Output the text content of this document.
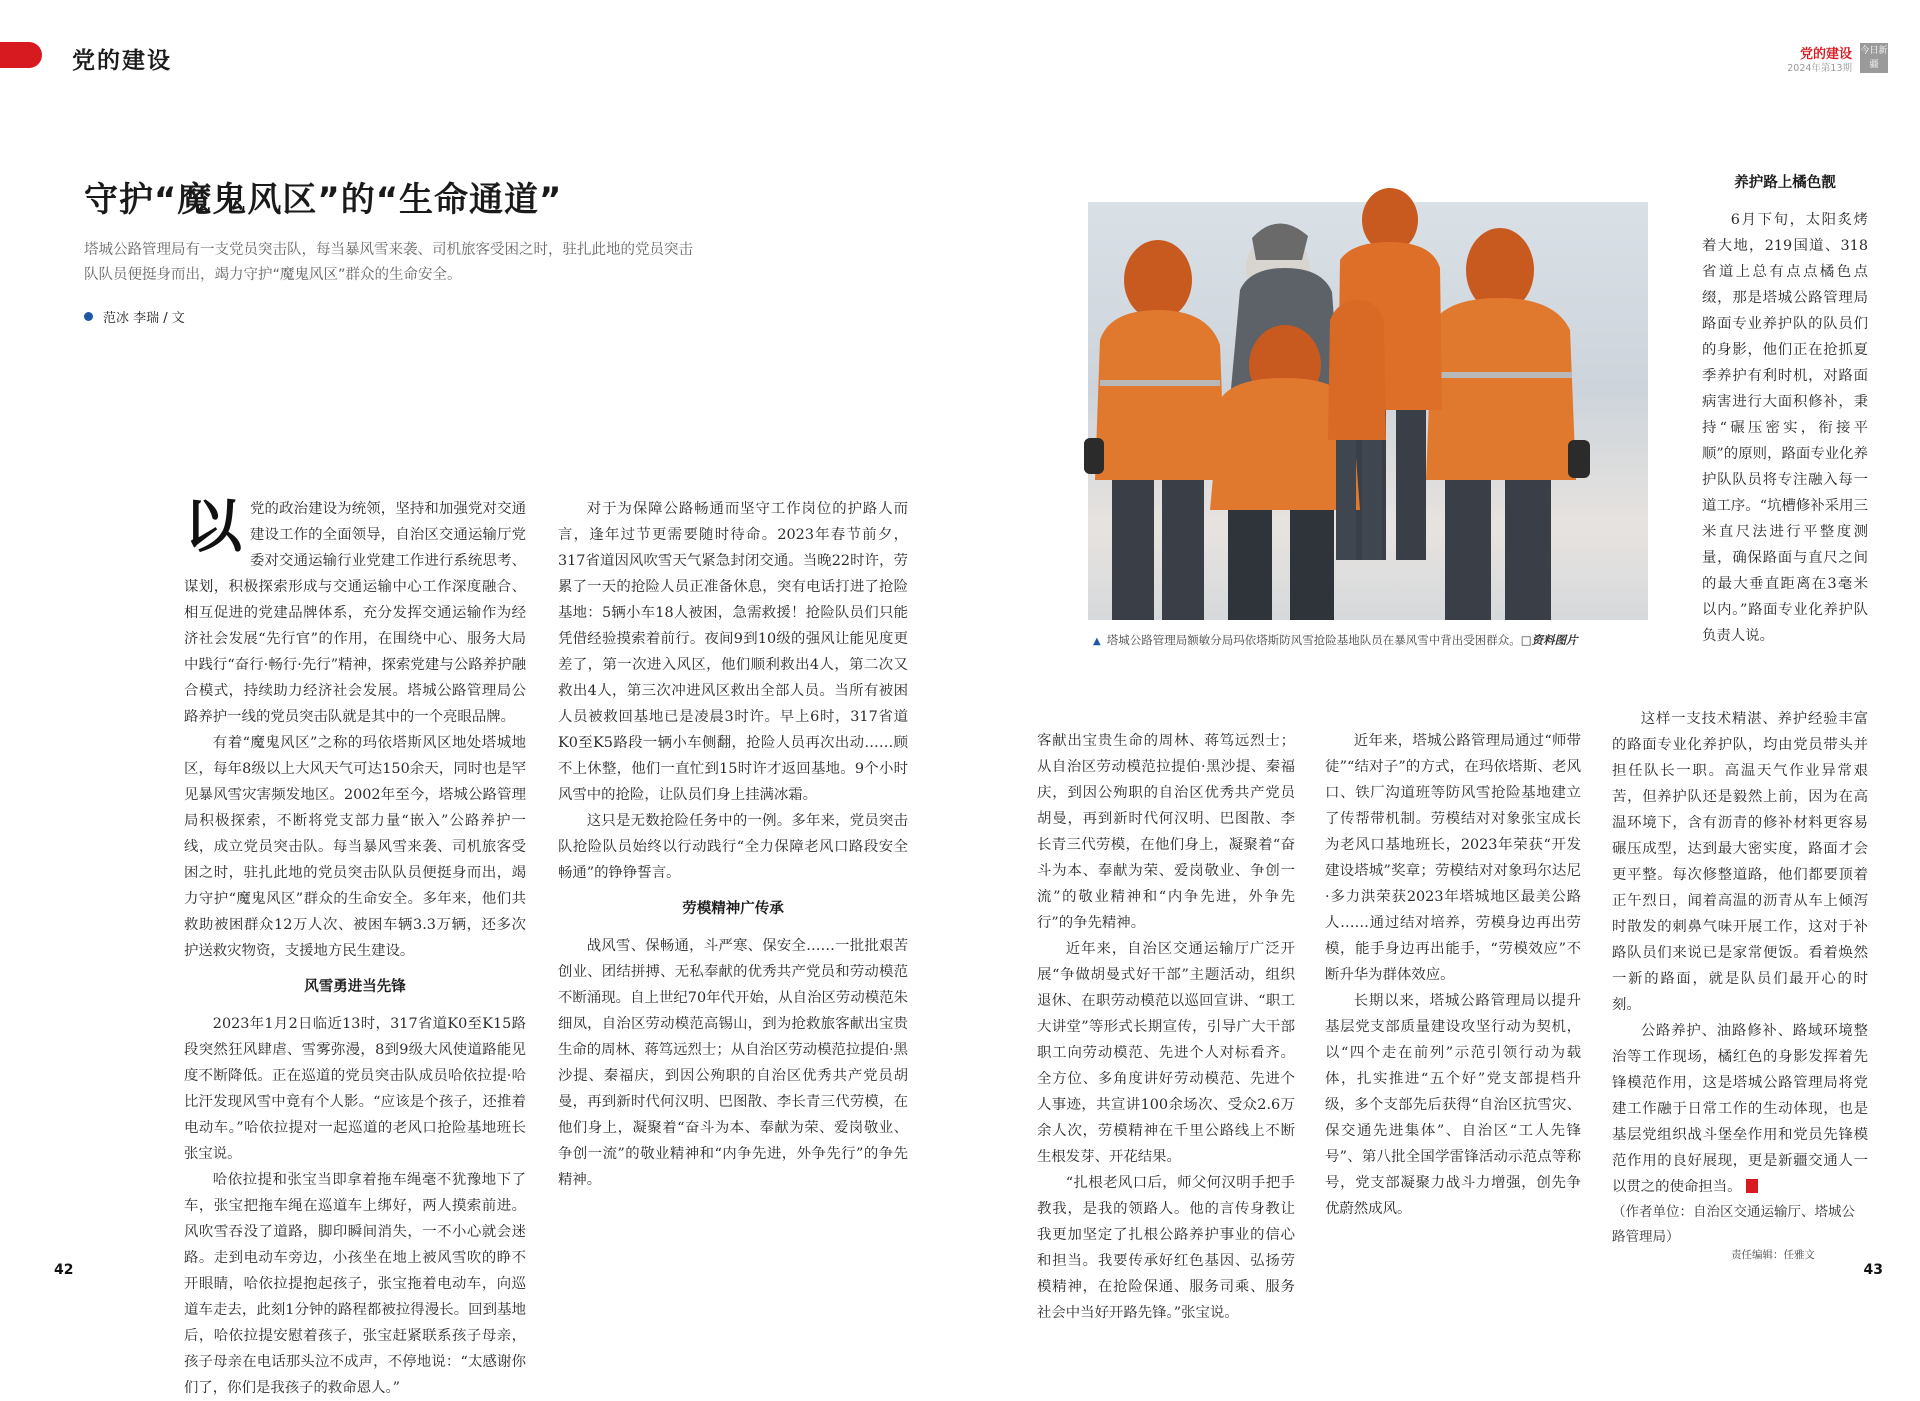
党的建设	党的建设
2024年第13期
今日新疆
守护“魔鬼风区”的“生命通道”

塔城公路管理局有一支党员突击队，每当暴风雪来袭、司机旅客受困之时，驻扎此地的党员突击队队员便挺身而出，竭力守护“魔鬼风区”群众的生命安全。

范冰 李瑞 / 文
以 党的政治建设为统领，坚持和加强党对交通建设工作的全面领导，自治区交通运输厅党委对交通运输行业党建工作进行系统思考、谋划，积极探索形成与交通运输中心工作深度融合、相互促进的党建品牌体系，充分发挥交通运输作为经济社会发展“先行官”的作用，在围绕中心、服务大局中践行“奋行·畅行·先行”精神，探索党建与公路养护融合模式，持续助力经济社会发展。塔城公路管理局公路养护一线的党员突击队就是其中的一个亮眼品牌。

有着“魔鬼风区”之称的玛依塔斯风区地处塔城地区，每年8级以上大风天气可达150余天，同时也是罕见暴风雪灾害频发地区。2002年至今，塔城公路管理局积极探索，不断将党支部力量“嵌入”公路养护一线，成立党员突击队。每当暴风雪来袭、司机旅客受困之时，驻扎此地的党员突击队队员便挺身而出，竭力守护“魔鬼风区”群众的生命安全。多年来，他们共救助被困群众12万人次、被困车辆3.3万辆，还多次护送救灾物资，支援地方民生建设。

风雪勇进当先锋

2023年1月2日临近13时，317省道K0至K15路段突然狂风肆虐、雪雾弥漫，8到9级大风使道路能见度不断降低。正在巡道的党员突击队成员哈依拉提·哈比汗发现风雪中竟有个人影。“应该是个孩子，还推着电动车。”哈依拉提对一起巡道的老风口抢险基地班长张宝说。

哈依拉提和张宝当即拿着拖车绳毫不犹豫地下了车，张宝把拖车绳在巡道车上绑好，两人摸索前进。风吹雪吞没了道路，脚印瞬间消失，一不小心就会迷路。走到电动车旁边，小孩坐在地上被风雪吹的睁不开眼睛，哈依拉提抱起孩子，张宝拖着电动车，向巡道车走去，此刻1分钟的路程都被拉得漫长。回到基地后，哈依拉提安慰着孩子，张宝赶紧联系孩子母亲，孩子母亲在电话那头泣不成声，不停地说：“太感谢你们了，你们是我孩子的救命恩人。”

对于为保障公路畅通而坚守工作岗位的护路人而言，逢年过节更需要随时待命。2023年春节前夕，317省道因风吹雪天气紧急封闭交通。当晚22时许，劳累了一天的抢险人员正准备休息，突有电话打进了抢险基地：5辆小车18人被困，急需救援！抢险队员们只能凭借经验摸索着前行。夜间9到10级的强风让能见度更差了，第一次进入风区，他们顺利救出4人，第二次又救出4人，第三次冲进风区救出全部人员。当所有被困人员被救回基地已是凌晨3时许。早上6时，317省道K0至K5路段一辆小车侧翻，抢险人员再次出动……顾不上休整，他们一直忙到15时许才返回基地。9个小时风雪中的抢险，让队员们身上挂满冰霜。

这只是无数抢险任务中的一例。多年来，党员突击队抢险队员始终以行动践行“全力保障老风口路段安全畅通”的铮铮誓言。

劳模精神广传承

战风雪、保畅通，斗严寒、保安全……一批批艰苦创业、团结拼搏、无私奉献的优秀共产党员和劳动模范不断涌现。自上世纪70年代开始，从自治区劳动模范朱细凤，自治区劳动模范高锡山，到为抢救旅客献出宝贵生命的周林、蒋笃远烈士；从自治区劳动模范拉提伯·黑沙提、秦福庆，到因公殉职的自治区优秀共产党员胡曼，再到新时代何汉明、巴图散、李长青三代劳模，在他们身上，凝聚着“奋斗为本、奉献为荣、爱岗敬业、争创一流”的敬业精神和“内争先进，外争先行”的争先精神。

▲ 塔城公路管理局额敏分局玛依塔斯防风雪抢险基地队员在暴风雪中背出受困群众。□资料图片

客献出宝贵生命的周林、蒋笃远烈士；从自治区劳动模范拉提伯·黑沙提、秦福庆，到因公殉职的自治区优秀共产党员胡曼，再到新时代何汉明、巴图散、李长青三代劳模，在他们身上，凝聚着“奋斗为本、奉献为荣、爱岗敬业、争创一流”的敬业精神和“内争先进，外争先行”的争先精神。

近年来，自治区交通运输厅广泛开展“争做胡曼式好干部”主题活动，组织退休、在职劳动模范以巡回宣讲、“职工大讲堂”等形式长期宣传，引导广大干部职工向劳动模范、先进个人对标看齐。全方位、多角度讲好劳动模范、先进个人事迹，共宣讲100余场次、受众2.6万余人次，劳模精神在千里公路线上不断生根发芽、开花结果。

“扎根老风口后，师父何汉明手把手教我，是我的领路人。他的言传身教让我更加坚定了扎根公路养护事业的信心和担当。我要传承好红色基因、弘扬劳模精神，在抢险保通、服务司乘、服务社会中当好开路先锋。”张宝说。

近年来，塔城公路管理局通过“师带徒”“结对子”的方式，在玛依塔斯、老风口、铁厂沟道班等防风雪抢险基地建立了传帮带机制。劳模结对对象张宝成长为老风口基地班长，2023年荣获“开发建设塔城”奖章；劳模结对对象玛尔达尼·多力洪荣获2023年塔城地区最美公路人……通过结对培养，劳模身边再出劳模，能手身边再出能手，“劳模效应”不断升华为群体效应。

长期以来，塔城公路管理局以提升基层党支部质量建设攻坚行动为契机，以“四个走在前列”示范引领行动为载体，扎实推进“五个好”党支部提档升级，多个支部先后获得“自治区抗雪灾、保交通先进集体”、自治区“工人先锋号”、第八批全国学雷锋活动示范点等称号，党支部凝聚力战斗力增强，创先争优蔚然成风。

养护路上橘色靓

6月下旬，太阳炙烤着大地，219国道、318省道上总有点点橘色点缀，那是塔城公路管理局路面专业养护队的队员们的身影，他们正在抢抓夏季养护有利时机，对路面病害进行大面积修补，秉持“碾压密实，衔接平顺”的原则，路面专业化养护队队员将专注融入每一道工序。“坑槽修补采用三米直尺法进行平整度测量，确保路面与直尺之间的最大垂直距离在3毫米以内。”路面专业化养护队负责人说。

这样一支技术精湛、养护经验丰富的路面专业化养护队，均由党员带头并担任队长一职。高温天气作业异常艰苦，但养护队还是毅然上前，因为在高温环境下，含有沥青的修补材料更容易碾压成型，达到最大密实度，路面才会更平整。每次修整道路，他们都要顶着正午烈日，闻着高温的沥青从车上倾泻时散发的刺鼻气味开展工作，这对于补路队员们来说已是家常便饭。看着焕然一新的路面，就是队员们最开心的时刻。

公路养护、油路修补、路域环境整治等工作现场，橘红色的身影发挥着先锋模范作用，这是塔城公路管理局将党建工作融于日常工作的生动体现，也是基层党组织战斗堡垒作用和党员先锋模范作用的良好展现，更是新疆交通人一以贯之的使命担当。

（作者单位：自治区交通运输厅、塔城公路管理局）
42
责任编辑：任雅文
43
